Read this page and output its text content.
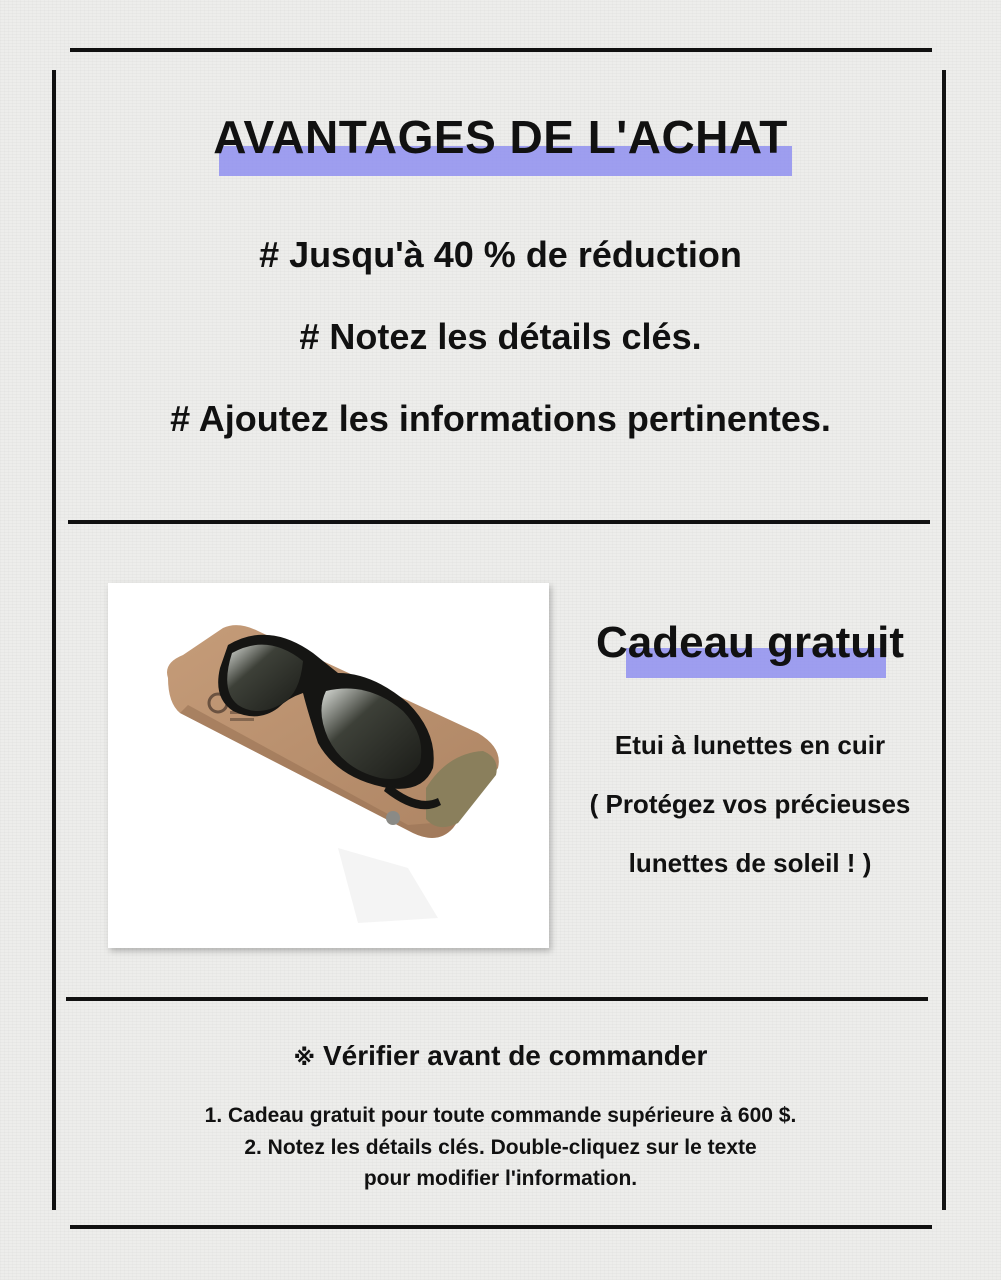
AVANTAGES DE L'ACHAT
# Jusqu'à 40 % de réduction
# Notez les détails clés.
# Ajoutez les informations pertinentes.
Cadeau gratuit
Etui à lunettes en cuir
( Protégez vos précieuses
lunettes de soleil ! )
※ Vérifier avant de commander
1. Cadeau gratuit pour toute commande supérieure à 600 $.
2. Notez les détails clés. Double-cliquez sur le texte
pour modifier l'information.
